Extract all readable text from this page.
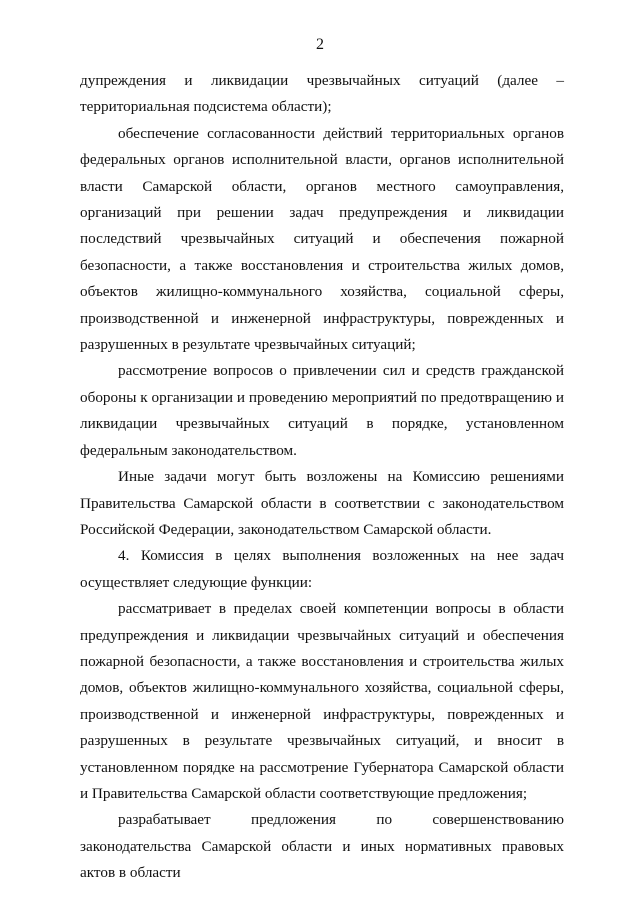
2

дупреждения и ликвидации чрезвычайных ситуаций (далее – территориальная подсистема области);

обеспечение согласованности действий территориальных органов федеральных органов исполнительной власти, органов исполнительной власти Самарской области, органов местного самоуправления, организаций при решении задач предупреждения и ликвидации последствий чрезвычайных ситуаций и обеспечения пожарной безопасности, а также восстановления и строительства жилых домов, объектов жилищно-коммунального хозяйства, социальной сферы, производственной и инженерной инфраструктуры, поврежденных и разрушенных в результате чрезвычайных ситуаций;

рассмотрение вопросов о привлечении сил и средств гражданской обороны к организации и проведению мероприятий по предотвращению и ликвидации чрезвычайных ситуаций в порядке, установленном федеральным законодательством.

Иные задачи могут быть возложены на Комиссию решениями Правительства Самарской области в соответствии с законодательством Российской Федерации, законодательством Самарской области.

4. Комиссия в целях выполнения возложенных на нее задач осуществляет следующие функции:

рассматривает в пределах своей компетенции вопросы в области предупреждения и ликвидации чрезвычайных ситуаций и обеспечения пожарной безопасности, а также восстановления и строительства жилых домов, объектов жилищно-коммунального хозяйства, социальной сферы, производственной и инженерной инфраструктуры, поврежденных и разрушенных в результате чрезвычайных ситуаций, и вносит в установленном порядке на рассмотрение Губернатора Самарской области и Правительства Самарской области соответствующие предложения;

разрабатывает предложения по совершенствованию законодательства Самарской области и иных нормативных правовых актов в области
